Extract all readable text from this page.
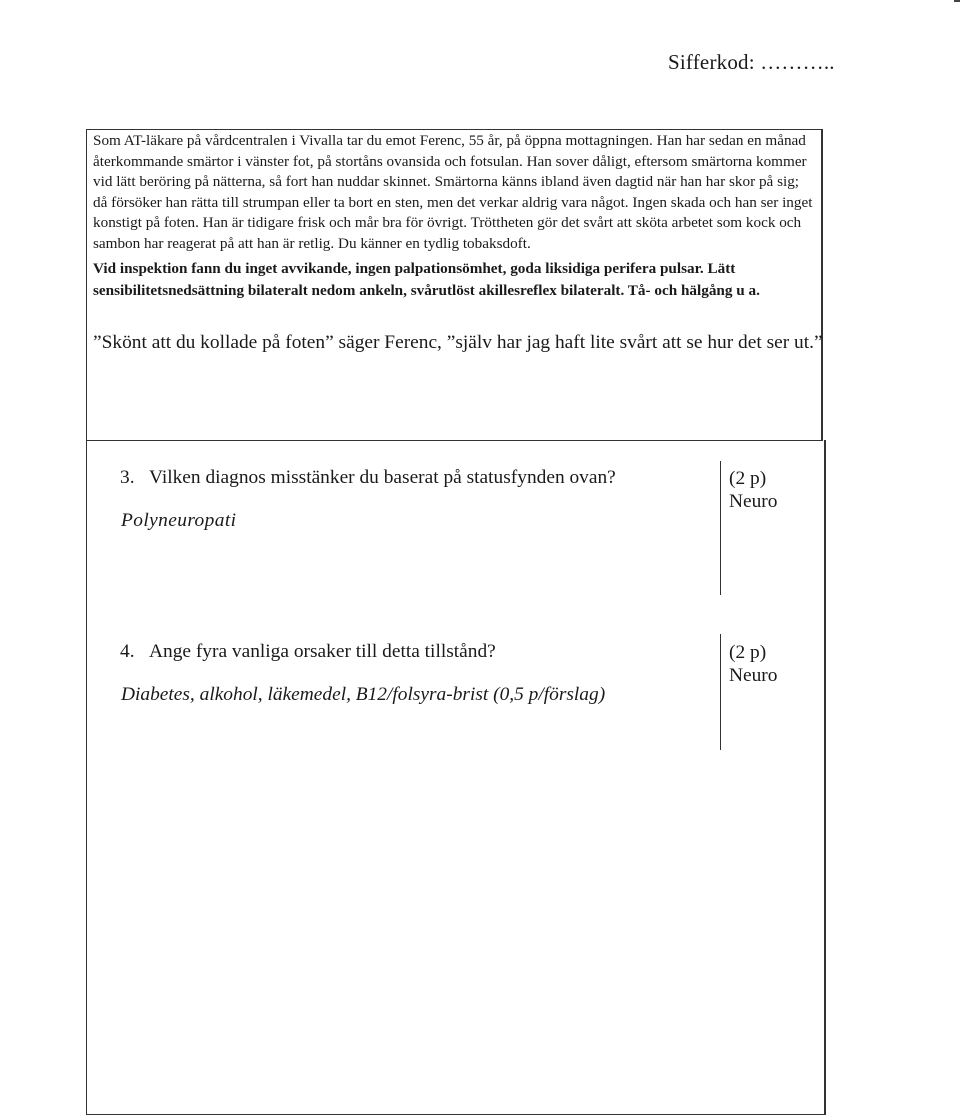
Sifferkod: ………..

Som AT-läkare på vårdcentralen i Vivalla tar du emot Ferenc, 55 år, på öppna mottagningen. Han har sedan en månad återkommande smärtor i vänster fot, på stortåns ovansida och fotsulan. Han sover dåligt, eftersom smärtorna kommer vid lätt beröring på nätterna, så fort han nuddar skinnet. Smärtorna känns ibland även dagtid när han har skor på sig; då försöker han rätta till strumpan eller ta bort en sten, men det verkar aldrig vara något. Ingen skada och han ser inget konstigt på foten. Han är tidigare frisk och mår bra för övrigt. Tröttheten gör det svårt att sköta arbetet som kock och sambon har reagerat på att han är retlig. Du känner en tydlig tobaksdoft.

Vid inspektion fann du inget avvikande, ingen palpationsömhet, goda liksidiga perifera pulsar. Lätt sensibilitetsnedsättning bilateralt nedom ankeln, svårutlöst akillesreflex bilateralt. Tå- och hälgång u a.

”Skönt att du kollade på foten” säger Ferenc, ”själv har jag haft lite svårt att se hur det ser ut.”

3. Vilken diagnos misstänker du baserat på statusfynden ovan?
Polyneuropati
(2 p)
Neuro
4. Ange fyra vanliga orsaker till detta tillstånd?
Diabetes, alkohol, läkemedel, B12/folsyra-brist (0,5 p/förslag)
(2 p)
Neuro
